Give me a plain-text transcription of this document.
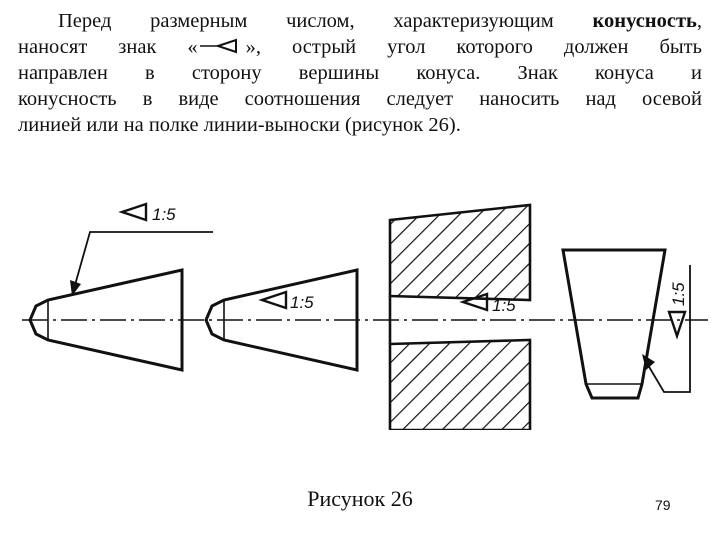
Перед размерным числом, характеризующим конусность,
наносят знак « », острый угол которого должен быть
направлен в сторону вершины конуса. Знак конуса и
конусность в виде соотношения следует наносить над осевой
линией или на полке линии-выноски (рисунок 26).
1:5
1:5	1:5	1:5
Рисунок 26	79
